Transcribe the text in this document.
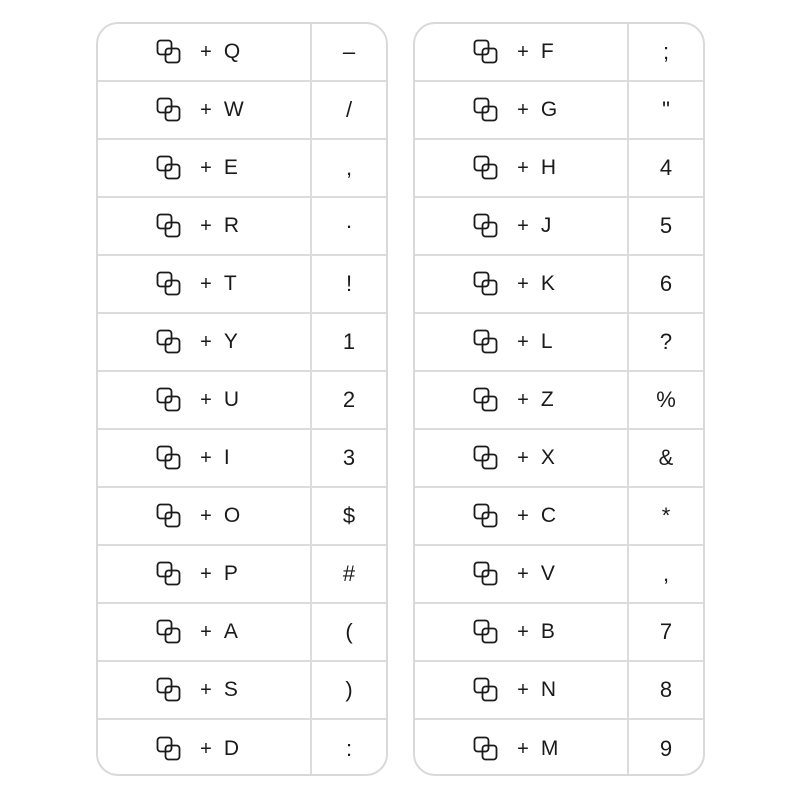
+ Q	–
+ W	/
+ E	,
+ R	·
+ T	!
+ Y	1
+ U	2
+ I	3
+ O	$
+ P	#
+ A	(
+ S	)
+ D	:
+ F	;
+ G	"
+ H	4
+ J	5
+ K	6
+ L	?
+ Z	%
+ X	&
+ C	*
+ V	,
+ B	7
+ N	8
+ M	9
